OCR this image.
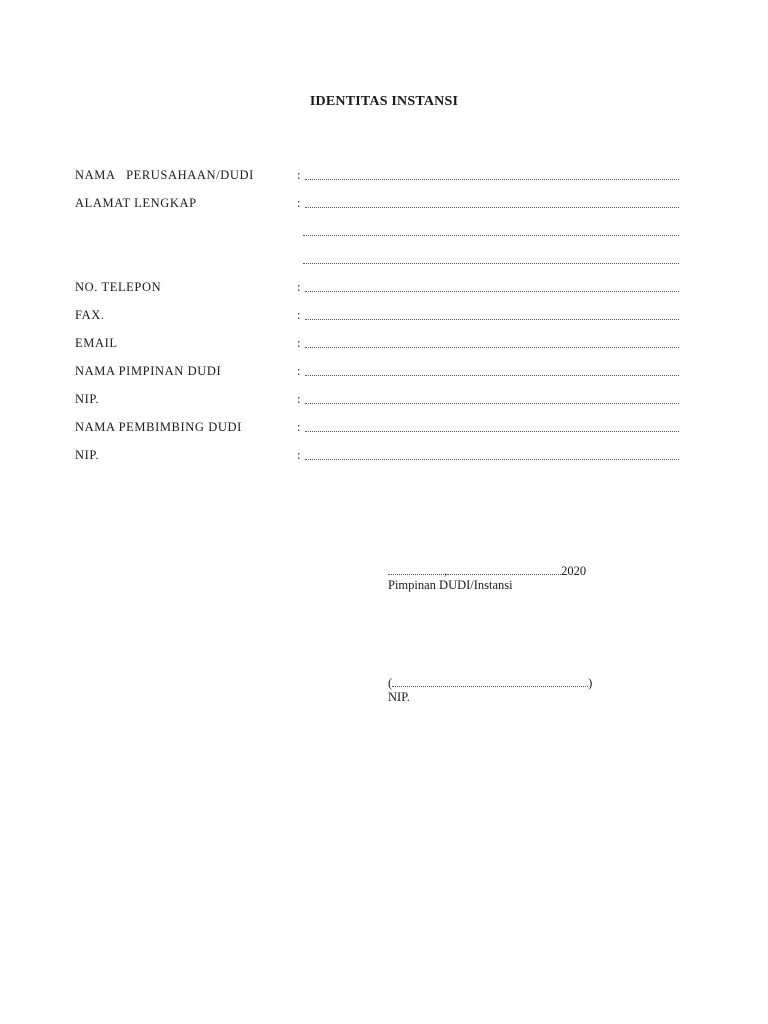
IDENTITAS INSTANSI
NAMA   PERUSAHAAN/DUDI	:
ALAMAT LENGKAP	:
NO. TELEPON	:
FAX.	:
EMAIL	:
NAMA PIMPINAN DUDI	:
NIP.	:
NAMA PEMBIMBING DUDI	:
NIP.	:
,	2020
Pimpinan DUDI/Instansi
(	)
NIP.
